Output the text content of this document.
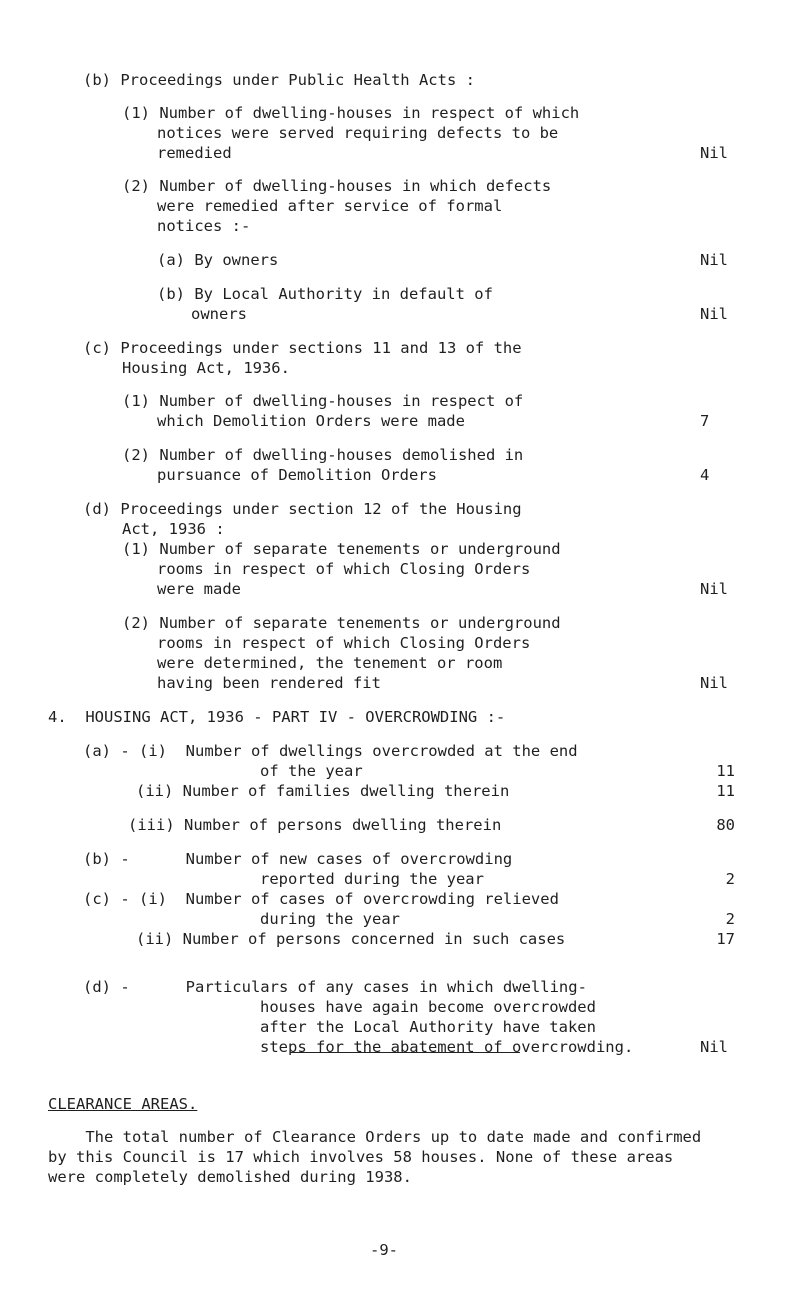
(b) Proceedings under Public Health Acts :
(1) Number of dwelling-houses in respect of which
notices were served requiring defects to be
remedied	Nil
(2) Number of dwelling-houses in which defects
were remedied after service of formal
notices :-
(a) By owners	Nil
(b) By Local Authority in default of
owners	Nil
(c) Proceedings under sections 11 and 13 of the
Housing Act, 1936.
(1) Number of dwelling-houses in respect of
which Demolition Orders were made	7
(2) Number of dwelling-houses demolished in
pursuance of Demolition Orders	4
(d) Proceedings under section 12 of the Housing
Act, 1936 :
(1) Number of separate tenements or underground
rooms in respect of which Closing Orders
were made	Nil
(2) Number of separate tenements or underground
rooms in respect of which Closing Orders
were determined, the tenement or room
having been rendered fit	Nil
4.  HOUSING ACT, 1936 - PART IV - OVERCROWDING :-
(a) - (i)  Number of dwellings overcrowded at the end
of the year	11
(ii) Number of families dwelling therein	11
(iii) Number of persons dwelling therein	80
(b) -      Number of new cases of overcrowding
reported during the year	2
(c) - (i)  Number of cases of overcrowding relieved
during the year	2
(ii) Number of persons concerned in such cases	17
(d) -      Particulars of any cases in which dwelling-
houses have again become overcrowded
after the Local Authority have taken
steps for the abatement of overcrowding.	Nil
CLEARANCE AREAS.
The total number of Clearance Orders up to date made and confirmed
by this Council is 17 which involves 58 houses. None of these areas
were completely demolished during 1938.
-9-
